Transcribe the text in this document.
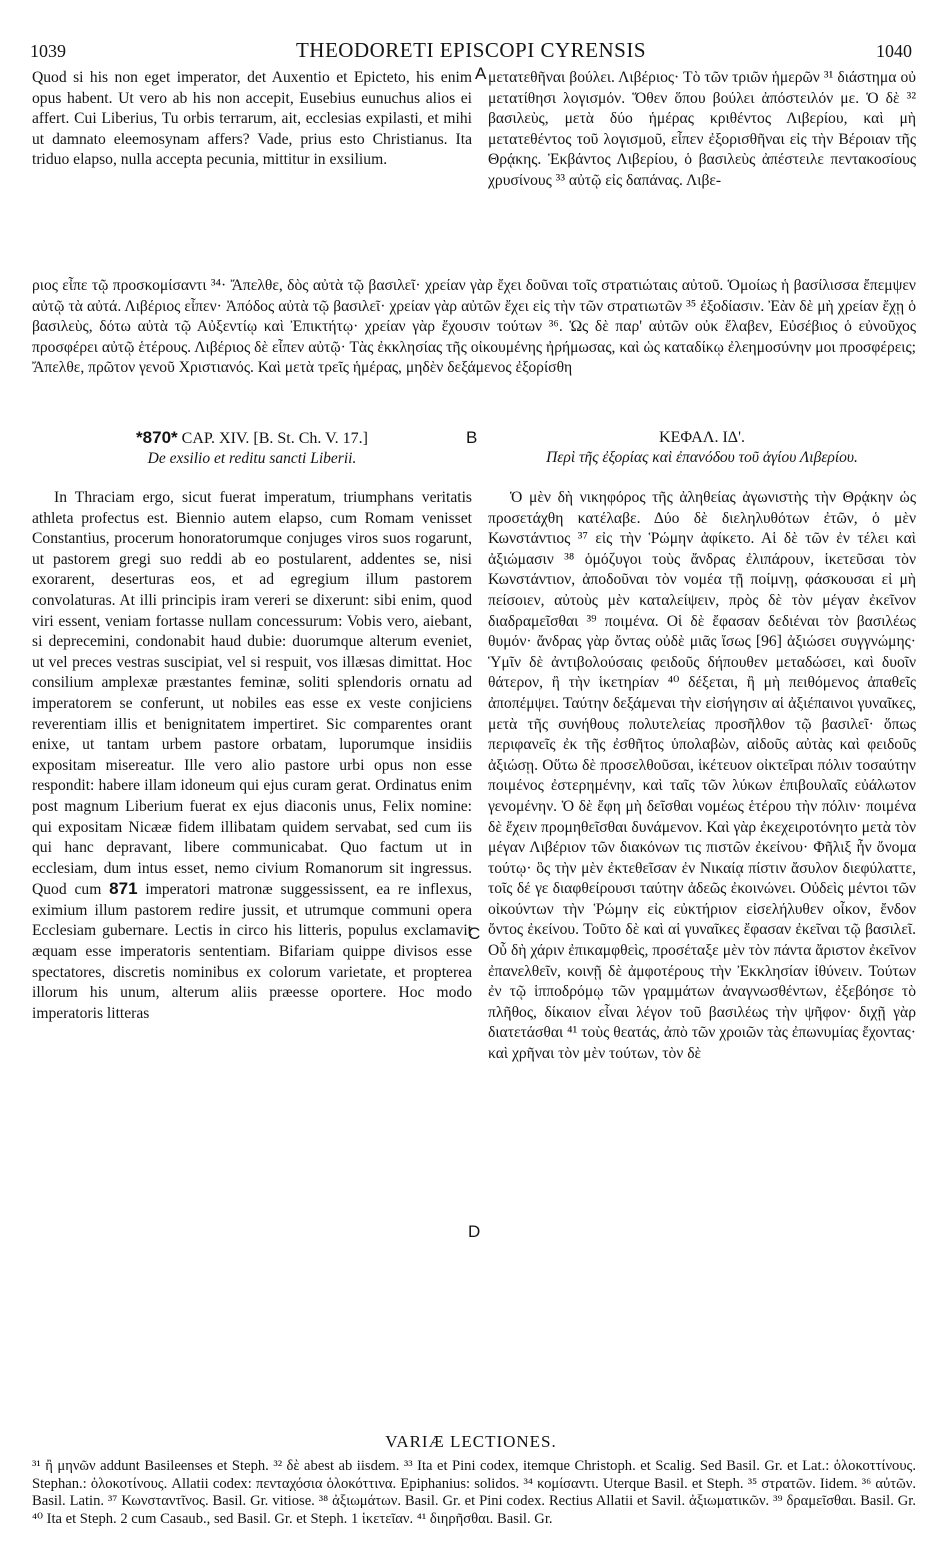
1039	THEODORETI EPISCOPI CYRENSIS	1040

Quod si his non eget imperator, det Auxentio et Epicteto, his enim opus habent. Ut vero ab his non accepit, Eusebius eunuchus alios ei affert. Cui Liberius, Tu orbis terrarum, ait, ecclesias expilasti, et mihi ut damnato eleemosynam affers? Vade, prius esto Christianus. Ita triduo elapso, nulla accepta pecunia, mittitur in exsilium.

A μετατεθῆναι βούλει. Λιβέριος· Τὸ τῶν τριῶν ἡμερῶν ³¹ διάστημα οὐ μετατίθησι λογισμόν. Ὅθεν ὅπου βούλει ἀπόστειλόν με. Ὁ δὲ ³² βασιλεὺς, μετὰ δύο ἡμέρας κριθέντος Λιβερίου, καὶ μὴ μετατεθέντος τοῦ λογισμοῦ, εἶπεν ἐξορισθῆναι εἰς τὴν Βέροιαν τῆς Θρᾴκης. Ἐκβάντος Λιβερίου, ὁ βασιλεὺς ἀπέστειλε πεντακοσίους χρυσίνους ³³ αὐτῷ εἰς δαπάνας. Λιβε-

ριος εἶπε τῷ προσκομίσαντι ³⁴· Ἄπελθε, δὸς αὐτὰ τῷ βασιλεῖ· χρείαν γὰρ ἔχει δοῦναι τοῖς στρατιώταις αὐτοῦ. Ὁμοίως ἡ βασίλισσα ἔπεμψεν αὐτῷ τὰ αὐτά. Λιβέριος εἶπεν· Ἀπόδος αὐτὰ τῷ βασιλεῖ· χρείαν γὰρ αὐτῶν ἔχει εἰς τὴν τῶν στρατιωτῶν ³⁵ ἐξοδίασιν. Ἐὰν δὲ μὴ χρείαν ἔχῃ ὁ βασιλεὺς, δότω αὐτὰ τῷ Αὐξεντίῳ καὶ Ἐπικτήτῳ· χρείαν γὰρ ἔχουσιν τούτων ³⁶. Ὡς δὲ παρ' αὐτῶν οὐκ ἔλαβεν, Εὐσέβιος ὁ εὐνοῦχος προσφέρει αὐτῷ ἑτέρους. Λιβέριος δὲ εἶπεν αὐτῷ· Τὰς ἐκκλησίας τῆς οἰκουμένης ἠρήμωσας, καὶ ὡς καταδίκῳ ἐλεημοσύνην μοι προσφέρεις; Ἄπελθε, πρῶτον γενοῦ Χριστιανός. Καὶ μετὰ τρεῖς ἡμέρας, μηδὲν δεξάμενος ἐξορίσθη

*870* CAP. XIV. [B. St. Ch. V. 17.]
De exsilio et reditu sancti Liberii.
B	ΚΕΦΑΛ. ΙΔ'.
Περὶ τῆς ἐξορίας καὶ ἐπανόδου τοῦ ἁγίου Λιβερίου.

In Thraciam ergo, sicut fuerat imperatum, triumphans veritatis athleta profectus est. Biennio autem elapso, cum Romam venisset Constantius, procerum honoratorumque conjuges viros suos rogarunt, ut pastorem gregi suo reddi ab eo postularent, addentes se, nisi exorarent, deserturas eos, et ad egregium illum pastorem convolaturas. At illi principis iram vereri se dixerunt: sibi enim, quod viri essent, veniam fortasse nullam concessurum: Vobis vero, aiebant, si deprecemini, condonabit haud dubie: duorumque alterum eveniet, ut vel preces vestras suscipiat, vel si respuit, vos illæsas dimittat. Hoc consilium amplexæ præstantes feminæ, soliti splendoris ornatu ad imperatorem se conferunt, ut nobiles eas esse ex veste conjiciens reverentiam illis et benignitatem impertiret. Sic comparentes orant enixe, ut tantam urbem pastore orbatam, luporumque insidiis expositam misereatur. Ille vero alio pastore urbi opus non esse respondit: habere illam idoneum qui ejus curam gerat. Ordinatus enim post magnum Liberium fuerat ex ejus diaconis unus, Felix nomine: qui expositam Nicææ fidem illibatam quidem servabat, sed cum iis qui hanc depravant, libere communicabat. Quo factum ut in ecclesiam, dum intus esset, nemo civium Romanorum sit ingressus. Quod cum 871 imperatori matronæ suggessissent, ea re inflexus, eximium illum pastorem redire jussit, et utrumque communi opera Ecclesiam gubernare. Lectis in circo his litteris, populus exclamavit æquam esse imperatoris sententiam. Bifariam quippe divisos esse spectatores, discretis nominibus ex colorum varietate, et propterea illorum his unum, alterum aliis præesse oportere. Hoc modo imperatoris litteras

C
D

Ὁ μὲν δὴ νικηφόρος τῆς ἀληθείας ἀγωνιστὴς τὴν Θρᾴκην ὡς προσετάχθη κατέλαβε. Δύο δὲ διεληλυθότων ἐτῶν, ὁ μὲν Κωνστάντιος ³⁷ εἰς τὴν Ῥώμην ἀφίκετο. Αἱ δὲ τῶν ἐν τέλει καὶ ἀξιώμασιν ³⁸ ὁμόζυγοι τοὺς ἄνδρας ἐλιπάρουν, ἱκετεῦσαι τὸν Κωνστάντιον, ἀποδοῦναι τὸν νομέα τῇ ποίμνῃ, φάσκουσαι εἰ μὴ πείσοιεν, αὐτοὺς μὲν καταλείψειν, πρὸς δὲ τὸν μέγαν ἐκεῖνον διαδραμεῖσθαι ³⁹ ποιμένα. Οἱ δὲ ἔφασαν δεδιέναι τὸν βασιλέως θυμόν· ἄνδρας γὰρ ὄντας οὐδὲ μιᾶς ἴσως [96] ἀξιώσει συγγνώμης· Ὑμῖν δὲ ἀντιβολούσαις φειδοῦς δήπουθεν μεταδώσει, καὶ δυοῖν θάτερον, ἢ τὴν ἱκετηρίαν ⁴⁰ δέξεται, ἢ μὴ πειθόμενος ἀπαθεῖς ἀποπέμψει. Ταύτην δεξάμεναι τὴν εἰσήγησιν αἱ ἀξιέπαινοι γυναῖκες, μετὰ τῆς συνήθους πολυτελείας προσῆλθον τῷ βασιλεῖ· ὅπως περιφανεῖς ἐκ τῆς ἐσθῆτος ὑπολαβὼν, αἰδοῦς αὐτὰς καὶ φειδοῦς ἀξιώσῃ. Οὕτω δὲ προσελθοῦσαι, ἱκέτευον οἰκτεῖραι πόλιν τοσαύτην ποιμένος ἐστερημένην, καὶ ταῖς τῶν λύκων ἐπιβουλαῖς εὐάλωτον γενομένην. Ὁ δὲ ἔφη μὴ δεῖσθαι νομέως ἑτέρου τὴν πόλιν· ποιμένα δὲ ἔχειν προμηθεῖσθαι δυνάμενον. Καὶ γὰρ ἐκεχειροτόνητο μετὰ τὸν μέγαν Λιβέριον τῶν διακόνων τις πιστῶν ἐκείνου· Φῆλιξ ἦν ὄνομα τούτῳ· ὃς τὴν μὲν ἐκτεθεῖσαν ἐν Νικαίᾳ πίστιν ἄσυλον διεφύλαττε, τοῖς δέ γε διαφθείρουσι ταύτην ἀδεῶς ἐκοινώνει. Οὐδεὶς μέντοι τῶν οἰκούντων τὴν Ῥώμην εἰς εὐκτήριον εἰσελήλυθεν οἶκον, ἔνδον ὄντος ἐκείνου. Τοῦτο δὲ καὶ αἱ γυναῖκες ἔφασαν ἐκεῖναι τῷ βασιλεῖ. Οὗ δὴ χάριν ἐπικαμφθεὶς, προσέταξε μὲν τὸν πάντα ἄριστον ἐκεῖνον ἐπανελθεῖν, κοινῇ δὲ ἀμφοτέρους τὴν Ἐκκλησίαν ἰθύνειν. Τούτων ἐν τῷ ἱπποδρόμῳ τῶν γραμμάτων ἀναγνωσθέντων, ἐξεβόησε τὸ πλῆθος, δίκαιον εἶναι λέγον τοῦ βασιλέως τὴν ψῆφον· διχῇ γὰρ διατετάσθαι ⁴¹ τοὺς θεατάς, ἀπὸ τῶν χροιῶν τὰς ἐπωνυμίας ἔχοντας· καὶ χρῆναι τὸν μὲν τούτων, τὸν δὲ

VARIÆ LECTIONES.
³¹ ἢ μηνῶν addunt Basileenses et Steph. ³² δὲ abest ab iisdem. ³³ Ita et Pini codex, itemque Christoph. et Scalig. Sed Basil. Gr. et Lat.: ὁλοκοττίνους. Stephan.: ὁλοκοτίνους. Allatii codex: πενταχόσια ὁλοκόττινα. Epiphanius: solidos. ³⁴ κομίσαντι. Uterque Basil. et Steph. ³⁵ στρατῶν. Iidem. ³⁶ αὐτῶν. Basil. Latin. ³⁷ Κωνσταντῖνος. Basil. Gr. vitiose. ³⁸ ἀξιωμάτων. Basil. Gr. et Pini codex. Rectius Allatii et Savil. ἀξιωματικῶν. ³⁹ δραμεῖσθαι. Basil. Gr. ⁴⁰ Ita et Steph. 2 cum Casaub., sed Basil. Gr. et Steph. 1 ἱκετεῖαν. ⁴¹ διηρῆσθαι. Basil. Gr.
